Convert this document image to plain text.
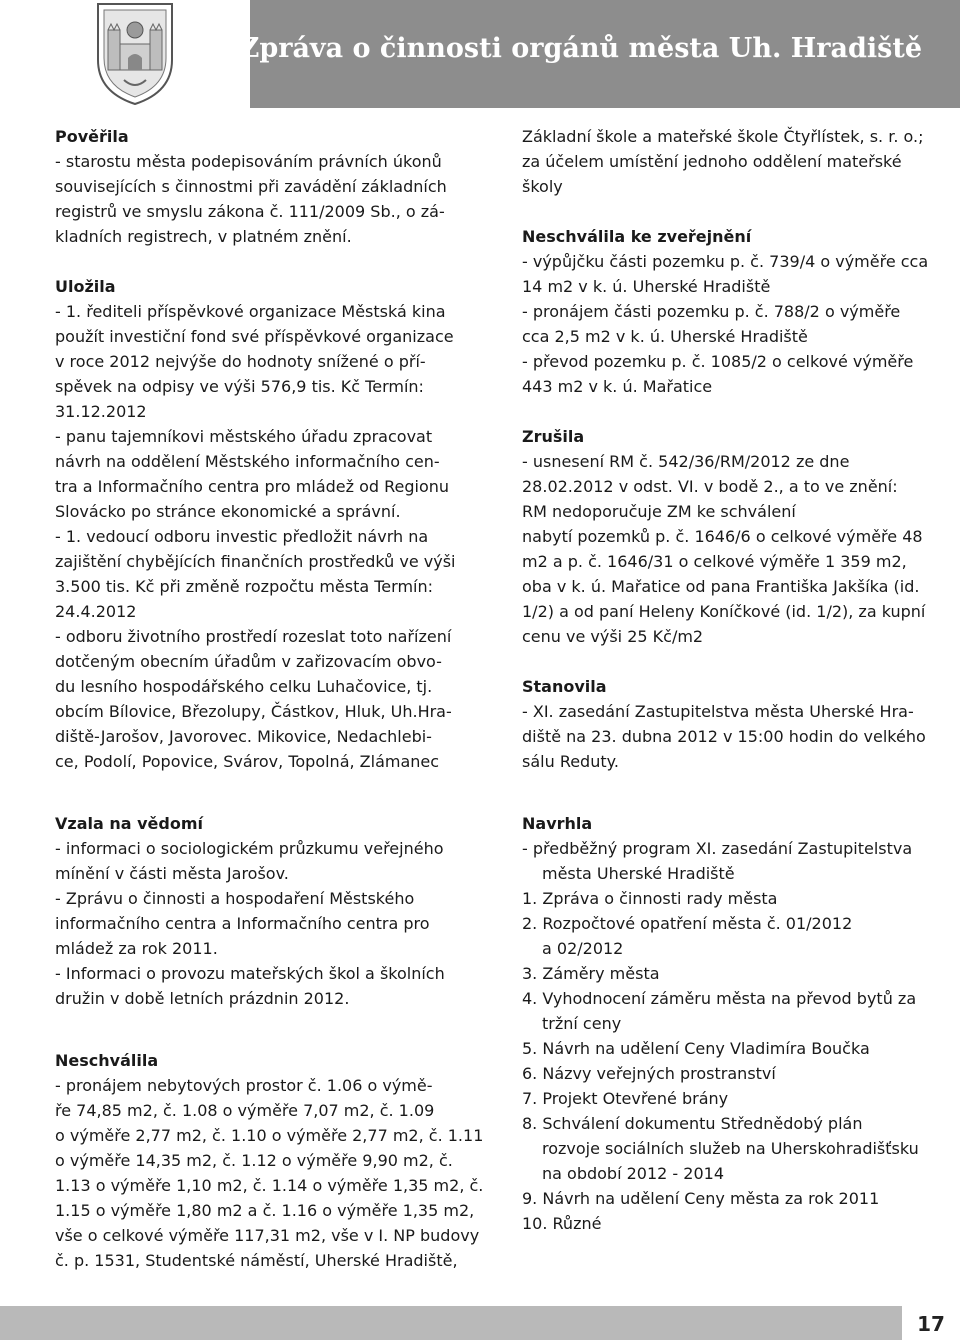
Zpráva o činnosti orgánů města Uh. Hradiště
Pověřila
- starostu města podepisováním právních úkonů
souvisejících s činnostmi při zavádění základních
registrů ve smyslu zákona č. 111/2009 Sb., o zá-
kladních registrech, v platném znění.
Uložila
- 1. řediteli příspěvkové organizace Městská kina
použít investiční fond své příspěvkové organizace
v roce 2012 nejvýše do hodnoty snížené o pří-
spěvek na odpisy ve výši 576,9 tis. Kč Termín:
31.12.2012
- panu tajemníkovi městského úřadu zpracovat
návrh na oddělení Městského informačního cen-
tra a Informačního centra pro mládež od Regionu
Slovácko po stránce ekonomické a správní.
- 1. vedoucí odboru investic předložit návrh na
zajištění chybějících finančních prostředků ve výši
3.500 tis. Kč při změně rozpočtu města Termín:
24.4.2012
- odboru životního prostředí rozeslat toto nařízení
dotčeným obecním úřadům v zařizovacím obvo-
du lesního hospodářského celku Luhačovice, tj.
obcím Bílovice, Březolupy, Částkov, Hluk, Uh.Hra-
diště-Jarošov, Javorovec. Mikovice, Nedachlebi-
ce, Podolí, Popovice, Svárov, Topolná, Zlámanec
Vzala na vědomí
- informaci o sociologickém průzkumu veřejného
mínění v části města Jarošov.
- Zprávu o činnosti a hospodaření Městského
informačního centra a Informačního centra pro
mládež za rok 2011.
- Informaci o provozu mateřských škol a školních
družin v době letních prázdnin 2012.
Neschválila
- pronájem nebytových prostor č. 1.06 o výmě-
ře 74,85 m2, č. 1.08 o výměře 7,07 m2, č. 1.09
o výměře 2,77 m2, č. 1.10 o výměře 2,77 m2, č. 1.11
o výměře 14,35 m2, č. 1.12 o výměře 9,90 m2, č.
1.13 o výměře 1,10 m2, č. 1.14 o výměře 1,35 m2, č.
1.15 o výměře 1,80 m2 a č. 1.16 o výměře 1,35 m2,
vše o celkové výměře 117,31 m2, vše v I. NP budovy
č. p. 1531, Studentské náměstí, Uherské Hradiště,
Základní škole a mateřské škole Čtyřlístek, s. r. o.;
za účelem umístění jednoho oddělení mateřské
školy
Neschválila ke zveřejnění
- výpůjčku části pozemku p. č. 739/4 o výměře cca
14 m2 v k. ú. Uherské Hradiště
- pronájem části pozemku p. č. 788/2 o výměře
cca 2,5 m2 v k. ú. Uherské Hradiště
- převod pozemku p. č. 1085/2 o celkové výměře
443 m2 v k. ú. Mařatice
Zrušila
- usnesení RM č. 542/36/RM/2012 ze dne
28.02.2012 v odst. VI. v bodě 2., a to ve znění:
RM nedoporučuje ZM ke schválení
nabytí pozemků p. č. 1646/6 o celkové výměře 48
m2 a p. č. 1646/31 o celkové výměře 1 359 m2,
oba v k. ú. Mařatice od pana Františka Jakšíka (id.
1/2) a od paní Heleny Koníčkové (id. 1/2), za kupní
cenu ve výši 25 Kč/m2
Stanovila
- XI. zasedání Zastupitelstva města Uherské Hra-
diště na 23. dubna 2012 v 15:00 hodin do velkého
sálu Reduty.
Navrhla
- předběžný program XI. zasedání Zastupitelstva
města Uherské Hradiště
1. Zpráva o činnosti rady města
2. Rozpočtové opatření města č. 01/2012
a 02/2012
3. Záměry města
4. Vyhodnocení záměru města na převod bytů za
tržní ceny
5. Návrh na udělení Ceny Vladimíra Boučka
6. Názvy veřejných prostranství
7. Projekt Otevřené brány
8. Schválení dokumentu Střednědobý plán
rozvoje sociálních služeb na Uherskohradišťsku
na období 2012 - 2014
9. Návrh na udělení Ceny města za rok 2011
10. Různé
17
